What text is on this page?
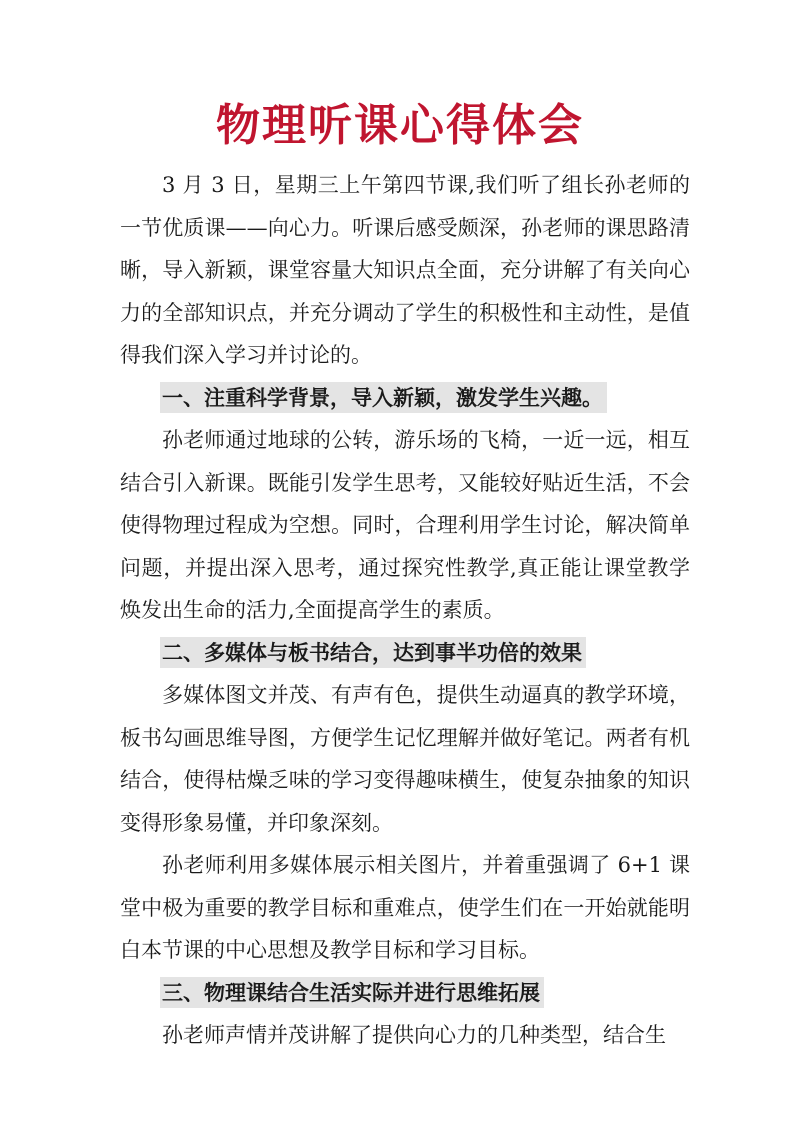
物理听课心得体会

3 月 3 日，星期三上午第四节课,我们听了组长孙老师的一节优质课——向心力。听课后感受颇深，孙老师的课思路清晰，导入新颖，课堂容量大知识点全面，充分讲解了有关向心力的全部知识点，并充分调动了学生的积极性和主动性，是值得我们深入学习并讨论的。

一、注重科学背景，导入新颖，激发学生兴趣。

孙老师通过地球的公转，游乐场的飞椅，一近一远，相互结合引入新课。既能引发学生思考，又能较好贴近生活，不会使得物理过程成为空想。同时，合理利用学生讨论，解决简单问题，并提出深入思考，通过探究性教学,真正能让课堂教学焕发出生命的活力,全面提高学生的素质。

二、多媒体与板书结合，达到事半功倍的效果

多媒体图文并茂、有声有色，提供生动逼真的教学环境，板书勾画思维导图，方便学生记忆理解并做好笔记。两者有机结合，使得枯燥乏味的学习变得趣味横生，使复杂抽象的知识变得形象易懂，并印象深刻。

孙老师利用多媒体展示相关图片，并着重强调了 6+1 课堂中极为重要的教学目标和重难点，使学生们在一开始就能明白本节课的中心思想及教学目标和学习目标。

三、物理课结合生活实际并进行思维拓展

孙老师声情并茂讲解了提供向心力的几种类型，结合生
